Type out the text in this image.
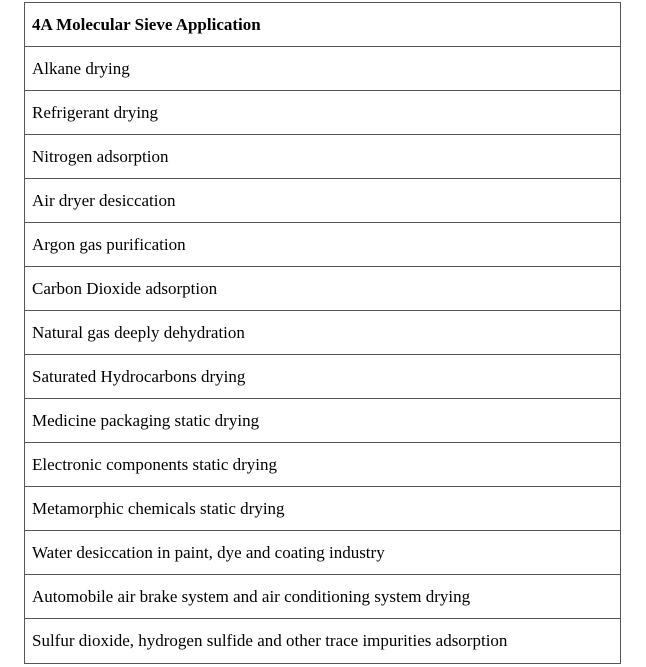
4A Molecular Sieve Application
Alkane drying
Refrigerant drying
Nitrogen adsorption
Air dryer desiccation
Argon gas purification
Carbon Dioxide adsorption
Natural gas deeply dehydration
Saturated Hydrocarbons drying
Medicine packaging static drying
Electronic components static drying
Metamorphic chemicals static drying
Water desiccation in paint, dye and coating industry
Automobile air brake system and air conditioning system drying
Sulfur dioxide, hydrogen sulfide and other trace impurities adsorption
